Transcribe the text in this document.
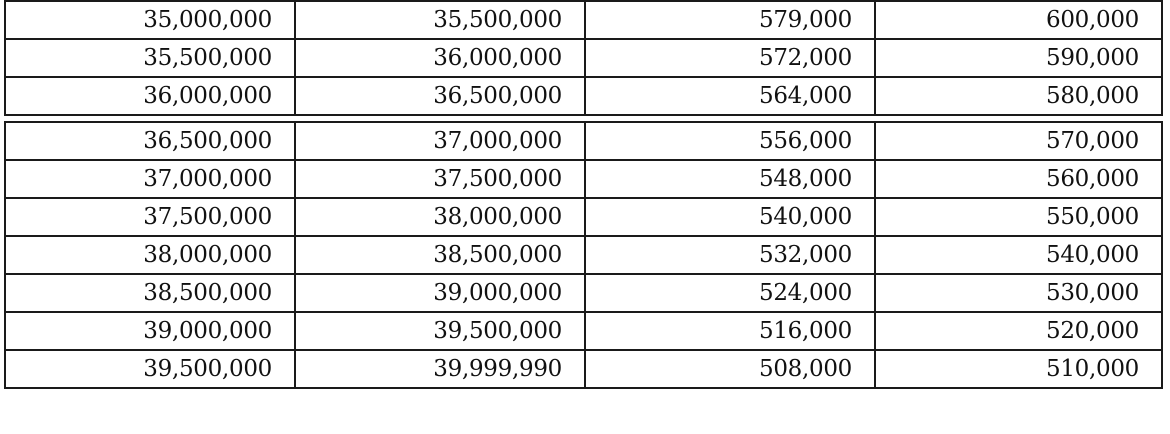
35,000,000	35,500,000	579,000	600,000
35,500,000	36,000,000	572,000	590,000
36,000,000	36,500,000	564,000	580,000
36,500,000	37,000,000	556,000	570,000
37,000,000	37,500,000	548,000	560,000
37,500,000	38,000,000	540,000	550,000
38,000,000	38,500,000	532,000	540,000
38,500,000	39,000,000	524,000	530,000
39,000,000	39,500,000	516,000	520,000
39,500,000	39,999,990	508,000	510,000
